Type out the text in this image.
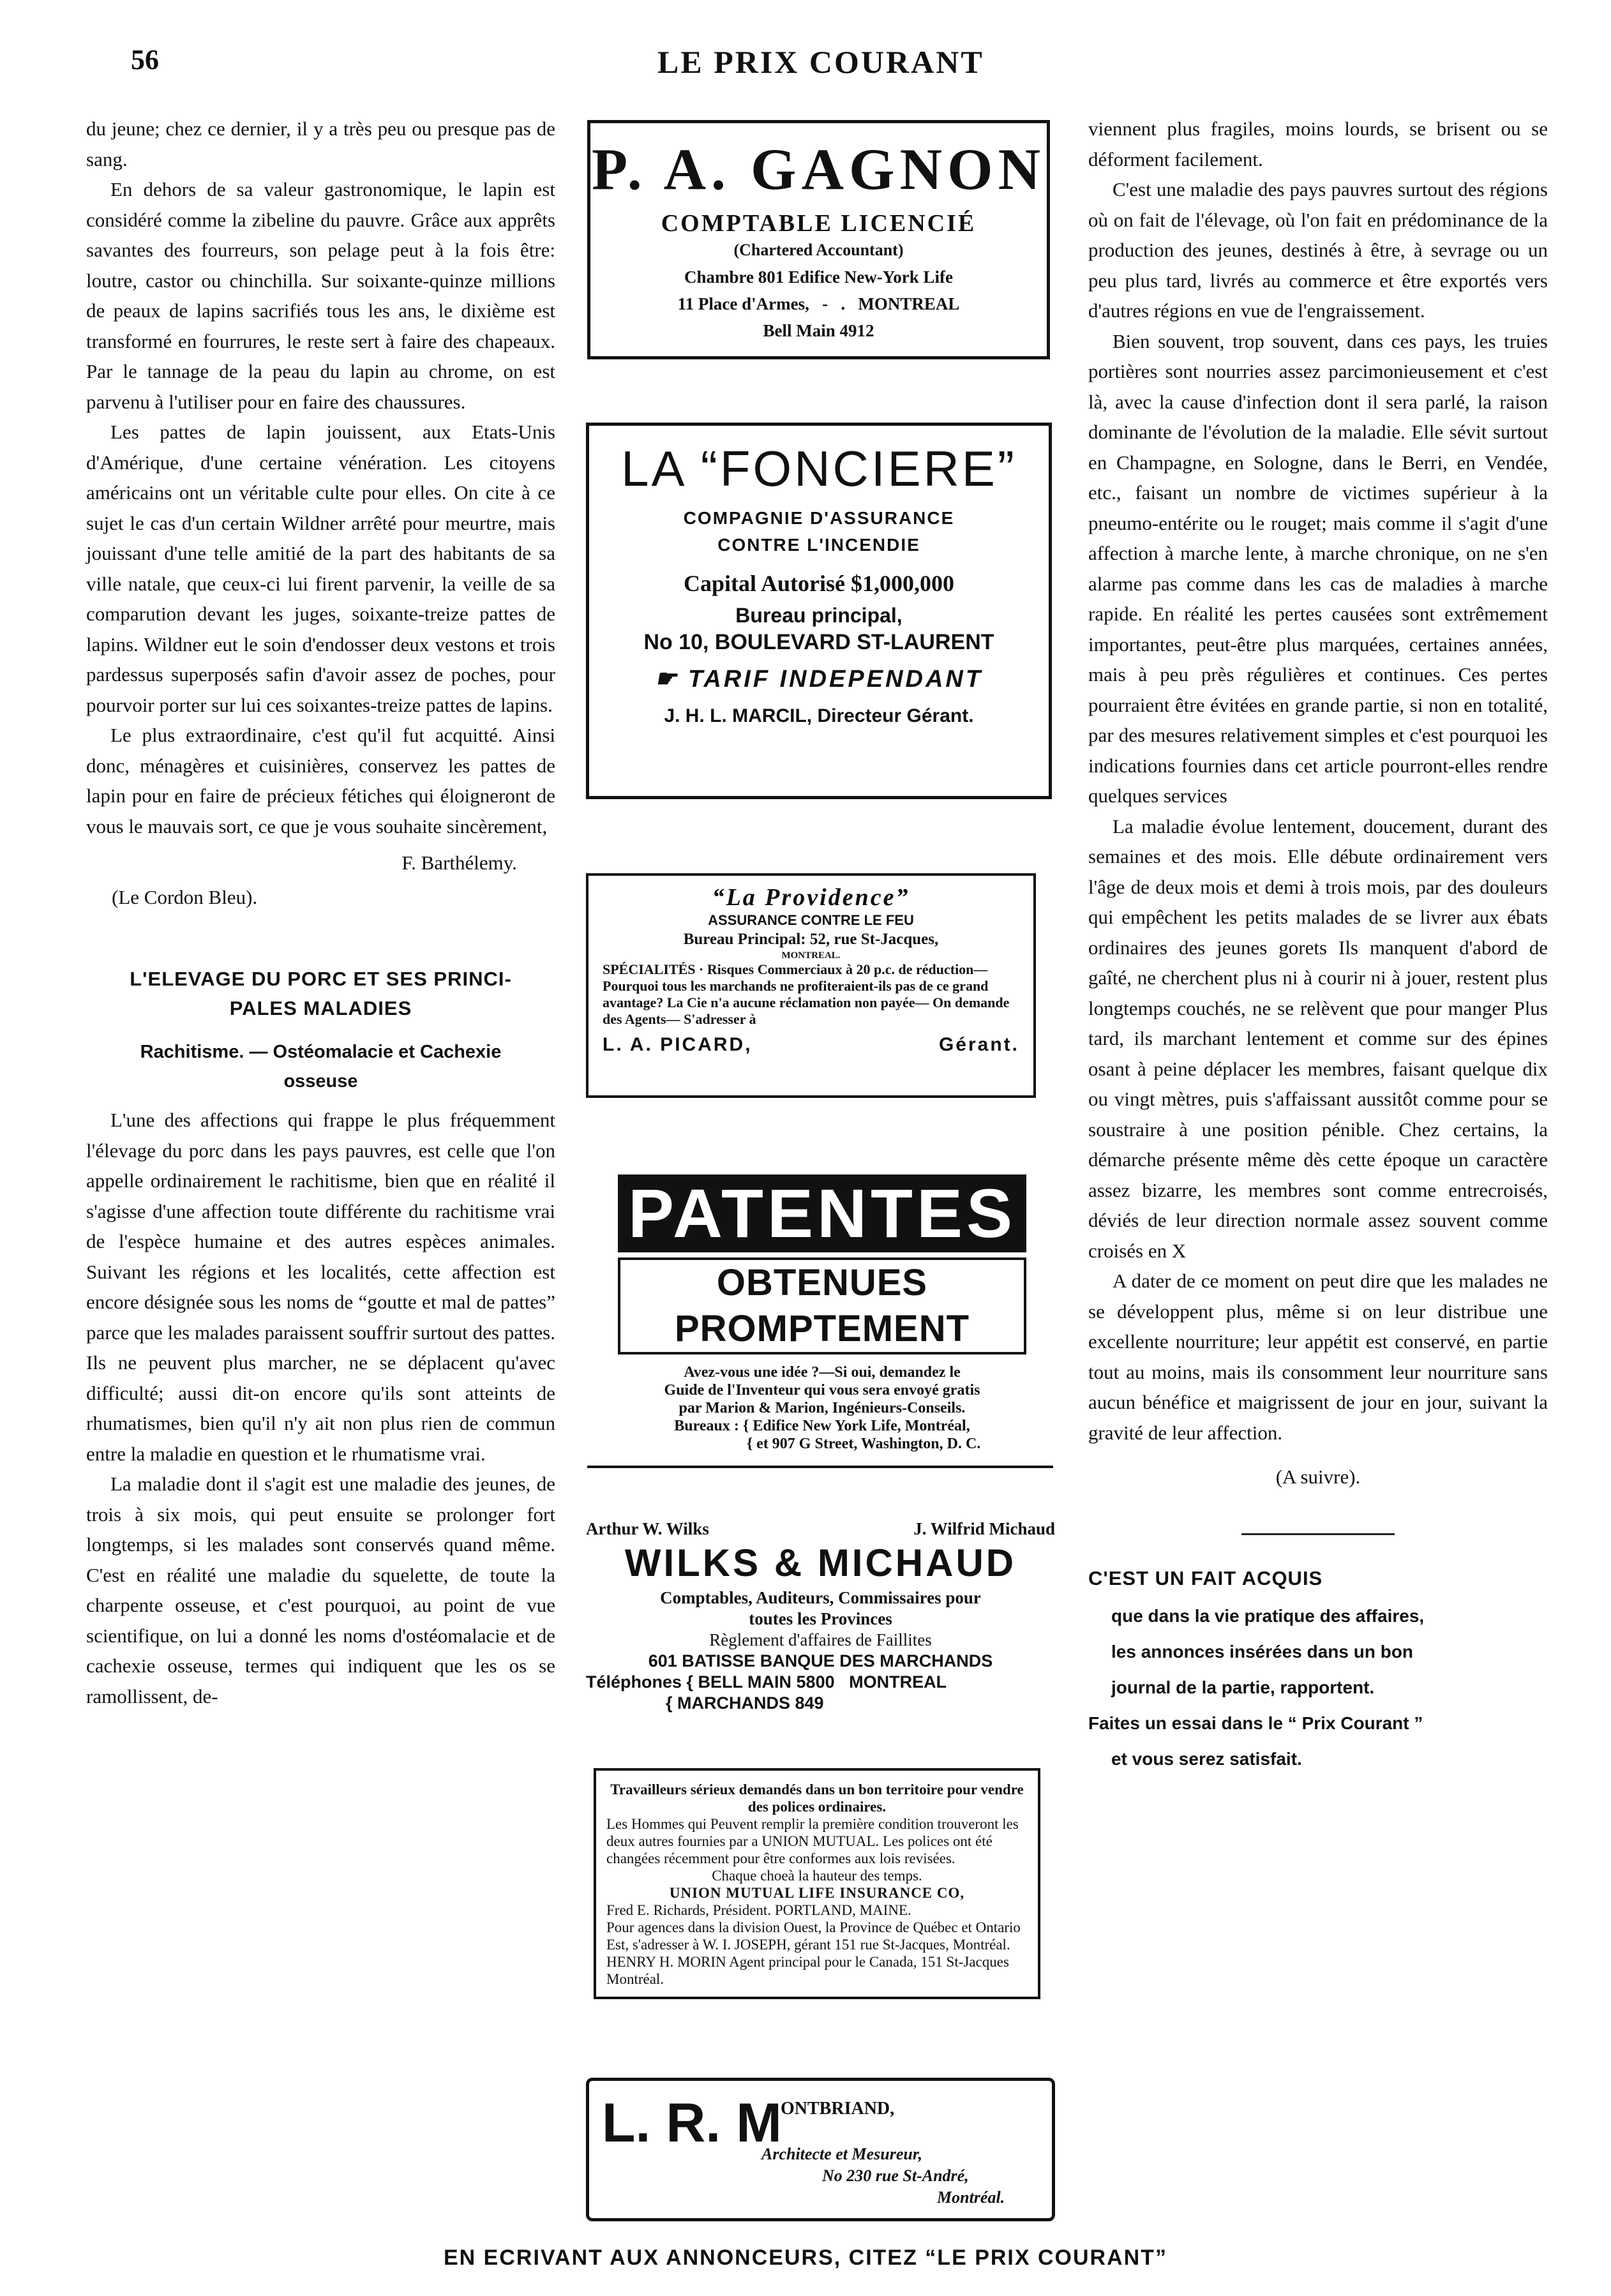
56	LE PRIX COURANT

du jeune; chez ce dernier, il y a très peu ou presque pas de sang.

En dehors de sa valeur gastronomique, le lapin est considéré comme la zibeline du pauvre. Grâce aux apprêts savantes des fourreurs, son pelage peut à la fois être: loutre, castor ou chinchilla. Sur soixante-quinze millions de peaux de lapins sacrifiés tous les ans, le dixième est transformé en fourrures, le reste sert à faire des chapeaux. Par le tannage de la peau du lapin au chrome, on est parvenu à l'utiliser pour en faire des chaussures.

Les pattes de lapin jouissent, aux Etats-Unis d'Amérique, d'une certaine vénération. Les citoyens américains ont un véritable culte pour elles. On cite à ce sujet le cas d'un certain Wildner arrêté pour meurtre, mais jouissant d'une telle amitié de la part des habitants de sa ville natale, que ceux-ci lui firent parvenir, la veille de sa comparution devant les juges, soixante-treize pattes de lapins. Wildner eut le soin d'endosser deux vestons et trois pardessus superposés safin d'avoir assez de poches, pour pourvoir porter sur lui ces soixantes-treize pattes de lapins.

Le plus extraordinaire, c'est qu'il fut acquitté. Ainsi donc, ménagères et cuisinières, conservez les pattes de lapin pour en faire de précieux fétiches qui éloigneront de vous le mauvais sort, ce que je vous souhaite sincèrement,

F. Barthélemy.
(Le Cordon Bleu).
L'ELEVAGE DU PORC ET SES PRINCI-
PALES MALADIES
Rachitisme. — Ostéomalacie et Cachexie
osseuse

L'une des affections qui frappe le plus fréquemment l'élevage du porc dans les pays pauvres, est celle que l'on appelle ordinairement le rachitisme, bien que en réalité il s'agisse d'une affection toute différente du rachitisme vrai de l'espèce humaine et des autres espèces animales. Suivant les régions et les localités, cette affection est encore désignée sous les noms de “goutte et mal de pattes” parce que les malades paraissent souffrir surtout des pattes. Ils ne peuvent plus marcher, ne se déplacent qu'avec difficulté; aussi dit-on encore qu'ils sont atteints de rhumatismes, bien qu'il n'y ait non plus rien de commun entre la maladie en question et le rhumatisme vrai.

La maladie dont il s'agit est une maladie des jeunes, de trois à six mois, qui peut ensuite se prolonger fort longtemps, si les malades sont conservés quand même. C'est en réalité une maladie du squelette, de toute la charpente osseuse, et c'est pourquoi, au point de vue scientifique, on lui a donné les noms d'ostéomalacie et de cachexie osseuse, termes qui indiquent que les os se ramollissent, de-

viennent plus fragiles, moins lourds, se brisent ou se déforment facilement.

C'est une maladie des pays pauvres surtout des régions où on fait de l'élevage, où l'on fait en prédominance de la production des jeunes, destinés à être, à sevrage ou un peu plus tard, livrés au commerce et être exportés vers d'autres régions en vue de l'engraissement.

Bien souvent, trop souvent, dans ces pays, les truies portières sont nourries assez parcimonieusement et c'est là, avec la cause d'infection dont il sera parlé, la raison dominante de l'évolution de la maladie. Elle sévit surtout en Champagne, en Sologne, dans le Berri, en Vendée, etc., faisant un nombre de victimes supérieur à la pneumo-entérite ou le rouget; mais comme il s'agit d'une affection à marche lente, à marche chronique, on ne s'en alarme pas comme dans les cas de maladies à marche rapide. En réalité les pertes causées sont extrêmement importantes, peut-être plus marquées, certaines années, mais à peu près régulières et continues. Ces pertes pourraient être évitées en grande partie, si non en totalité, par des mesures relativement simples et c'est pourquoi les indications fournies dans cet article pourront-elles rendre quelques services

La maladie évolue lentement, doucement, durant des semaines et des mois. Elle débute ordinairement vers l'âge de deux mois et demi à trois mois, par des douleurs qui empêchent les petits malades de se livrer aux ébats ordinaires des jeunes gorets Ils manquent d'abord de gaîté, ne cherchent plus ni à courir ni à jouer, restent plus longtemps couchés, ne se relèvent que pour manger Plus tard, ils marchant lentement et comme sur des épines osant à peine déplacer les membres, faisant quelque dix ou vingt mètres, puis s'affaissant aussitôt comme pour se soustraire à une position pénible. Chez certains, la démarche présente même dès cette époque un caractère assez bizarre, les membres sont comme entrecroisés, déviés de leur direction normale assez souvent comme croisés en X

A dater de ce moment on peut dire que les malades ne se développent plus, même si on leur distribue une excellente nourriture; leur appétit est conservé, en partie tout au moins, mais ils consomment leur nourriture sans aucun bénéfice et maigrissent de jour en jour, suivant la gravité de leur affection.

(A suivre).
C'EST UN FAIT ACQUIS
que dans la vie pratique des affaires,
les annonces insérées dans un bon
journal de la partie, rapportent.
Faites un essai dans le “ Prix Courant ”
et vous serez satisfait.
P. A. GAGNON
COMPTABLE LICENCIÉ
(Chartered Accountant)
Chambre 801 Edifice New-York Life
11 Place d'Armes,   -   .   MONTREAL
Bell Main 4912
LA “FONCIERE”
COMPAGNIE D'ASSURANCE
CONTRE L'INCENDIE
Capital Autorisé $1,000,000
Bureau principal,
No 10, BOULEVARD ST-LAURENT
☛ TARIF INDEPENDANT
J. H. L. MARCIL, Directeur Gérant.
“La Providence”
ASSURANCE CONTRE LE FEU
Bureau Principal: 52, rue St-Jacques,
MONTREAL.
SPÉCIALITÉS · Risques Commerciaux à 20 p.c. de réduction— Pourquoi tous les marchands ne profiteraient-ils pas de ce grand avantage? La Cie n'a aucune réclamation non payée— On demande des Agents— S'adresser à
L. A. PICARD,	Gérant.
PATENTES
OBTENUES PROMPTEMENT
Avez-vous une idée ?—Si oui, demandez le
Guide de l'Inventeur qui vous sera envoyé gratis
par Marion & Marion, Ingénieurs-Conseils.
Bureaux : { Edifice New York Life, Montréal,
{ et 907 G Street, Washington, D. C.
Arthur W. Wilks	J. Wilfrid Michaud
WILKS & MICHAUD
Comptables, Auditeurs, Commissaires pour
toutes les Provinces
Règlement d'affaires de Faillites
601 BATISSE BANQUE DES MARCHANDS
Téléphones { BELL MAIN 5800   MONTREAL
{ MARCHANDS 849
Travailleurs sérieux demandés dans un bon territoire pour vendre des polices ordinaires.
Les Hommes qui Peuvent remplir la première condition trouveront les deux autres fournies par a UNION MUTUAL. Les polices ont été changées récemment pour être conformes aux lois revisées.
Chaque choeà la hauteur des temps.
UNION MUTUAL LIFE INSURANCE CO,
Fred E. Richards, Président. PORTLAND, MAINE.
Pour agences dans la division Ouest, la Province de Québec et Ontario Est, s'adresser à W. I. JOSEPH, gérant 151 rue St-Jacques, Montréal. HENRY H. MORIN Agent principal pour le Canada, 151 St-Jacques Montréal.
L. R. M
ONTBRIAND,
Architecte et Mesureur,
No 230 rue St-André,
Montréal.
EN ECRIVANT AUX ANNONCEURS, CITEZ “LE PRIX COURANT”
